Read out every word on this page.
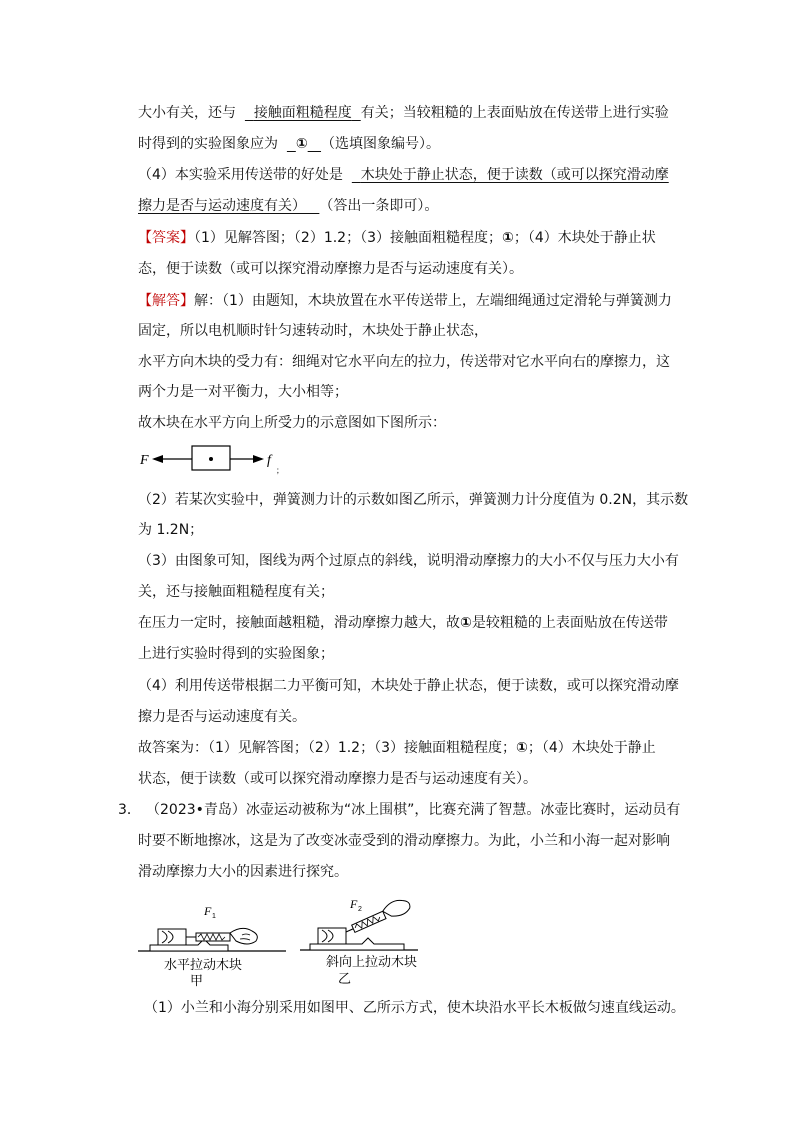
大小有关，还与 接触面粗糙程度 有关；当较粗糙的上表面贴放在传送带上进行实验
时得到的实验图象应为 ① （选填图象编号）。
（4）本实验采用传送带的好处是 木块处于静止状态，便于读数（或可以探究滑动摩
擦力是否与运动速度有关） （答出一条即可）。
【答案】（1）见解答图；（2）1.2；（3）接触面粗糙程度；①；（4）木块处于静止状
态，便于读数（或可以探究滑动摩擦力是否与运动速度有关）。
【解答】解：（1）由题知，木块放置在水平传送带上，左端细绳通过定滑轮与弹簧测力
固定，所以电机顺时针匀速转动时，木块处于静止状态，
水平方向木块的受力有：细绳对它水平向左的拉力，传送带对它水平向右的摩擦力，这
两个力是一对平衡力，大小相等；
故木块在水平方向上所受力的示意图如下图所示：
F	f
；
（2）若某次实验中，弹簧测力计的示数如图乙所示，弹簧测力计分度值为 0.2N，其示数
为 1.2N；
（3）由图象可知，图线为两个过原点的斜线，说明滑动摩擦力的大小不仅与压力大小有
关，还与接触面粗糙程度有关；
在压力一定时，接触面越粗糙，滑动摩擦力越大，故①是较粗糙的上表面贴放在传送带
上进行实验时得到的实验图象；
（4）利用传送带根据二力平衡可知，木块处于静止状态，便于读数，或可以探究滑动摩
擦力是否与运动速度有关。
故答案为：（1）见解答图；（2）1.2；（3）接触面粗糙程度；①；（4）木块处于静止
状态，便于读数（或可以探究滑动摩擦力是否与运动速度有关）。
3． （2023•青岛）冰壶运动被称为“冰上围棋”，比赛充满了智慧。冰壶比赛时，运动员有
时要不断地擦冰，这是为了改变冰壶受到的滑动摩擦力。为此，小兰和小海一起对影响
滑动摩擦力大小的因素进行探究。
F 1
水平拉动木块
甲
F 2
斜向上拉动木块
乙
（1）小兰和小海分别采用如图甲、乙所示方式，使木块沿水平长木板做匀速直线运动。
